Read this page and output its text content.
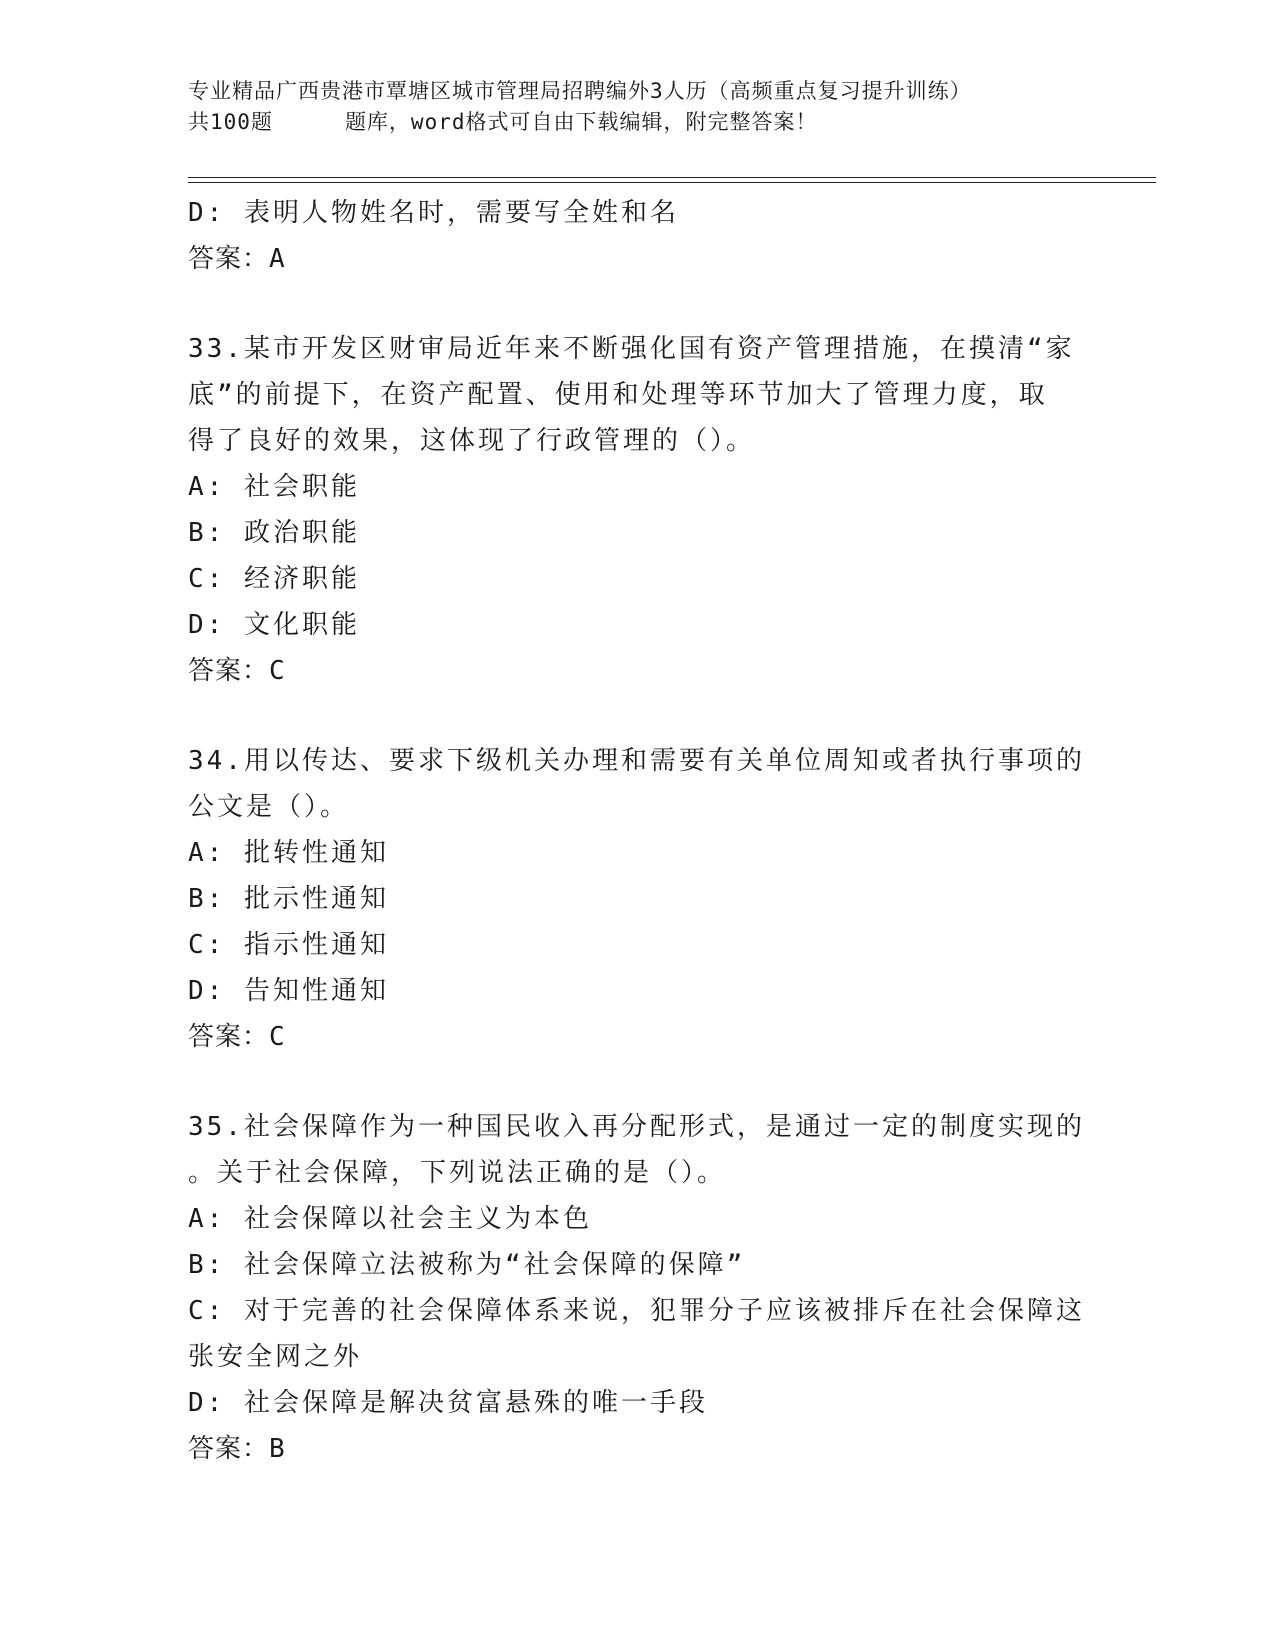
专业精品广西贵港市覃塘区城市管理局招聘编外3人历（高频重点复习提升训练）
共100题	题库，word格式可自由下载编辑，附完整答案！
D: 表明人物姓名时，需要写全姓和名
答案：A
33.某市开发区财审局近年来不断强化国有资产管理措施，在摸清“家
底”的前提下，在资产配置、使用和处理等环节加大了管理力度，取
得了良好的效果，这体现了行政管理的（）。
A: 社会职能
B: 政治职能
C: 经济职能
D: 文化职能
答案：C
34.用以传达、要求下级机关办理和需要有关单位周知或者执行事项的
公文是（）。
A: 批转性通知
B: 批示性通知
C: 指示性通知
D: 告知性通知
答案：C
35.社会保障作为一种国民收入再分配形式，是通过一定的制度实现的
。关于社会保障，下列说法正确的是（）。
A: 社会保障以社会主义为本色
B: 社会保障立法被称为“社会保障的保障”
C: 对于完善的社会保障体系来说，犯罪分子应该被排斥在社会保障这
张安全网之外
D: 社会保障是解决贫富悬殊的唯一手段
答案：B
